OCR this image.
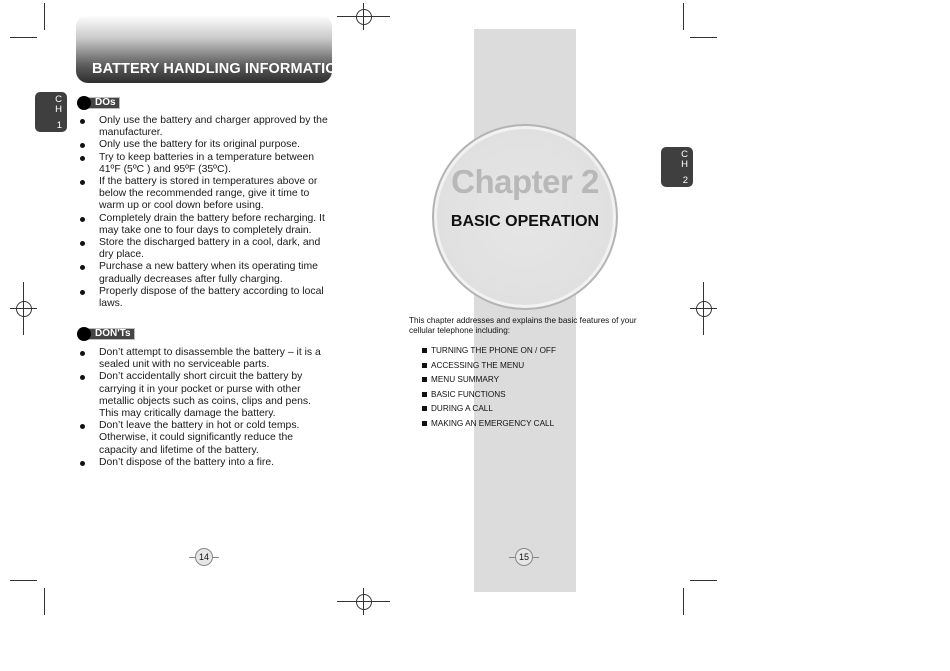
BATTERY HANDLING INFORMATION
C
H
1
DOs
Only use the battery and charger approved by the manufacturer.
Only use the battery for its original purpose.
Try to keep batteries in a temperature between 41ºF (5ºC ) and 95ºF (35ºC).
If the battery is stored in temperatures above or below the recommended range, give it time to warm up or cool down before using.
Completely drain the battery before recharging. It may take one to four days to completely drain.
Store the discharged battery in a cool, dark, and dry place.
Purchase a new battery when its operating time gradually decreases after fully charging.
Properly dispose of the battery according to local laws.
DON'Ts
Don’t attempt to disassemble the battery – it is a sealed unit with no serviceable parts.
Don’t accidentally short circuit the battery by carrying it in your pocket or purse with other metallic objects such as coins, clips and pens. This may critically damage the battery.
Don’t leave the battery in hot or cold temps. Otherwise, it could significantly reduce the capacity and lifetime of the battery.
Don’t dispose of the battery into a fire.
14
Chapter 2
BASIC OPERATION
C
H
2
This chapter addresses and explains the basic features of your cellular telephone including:
TURNING THE PHONE ON / OFF
ACCESSING THE MENU
MENU SUMMARY
BASIC FUNCTIONS
DURING A CALL
MAKING AN EMERGENCY CALL
15
